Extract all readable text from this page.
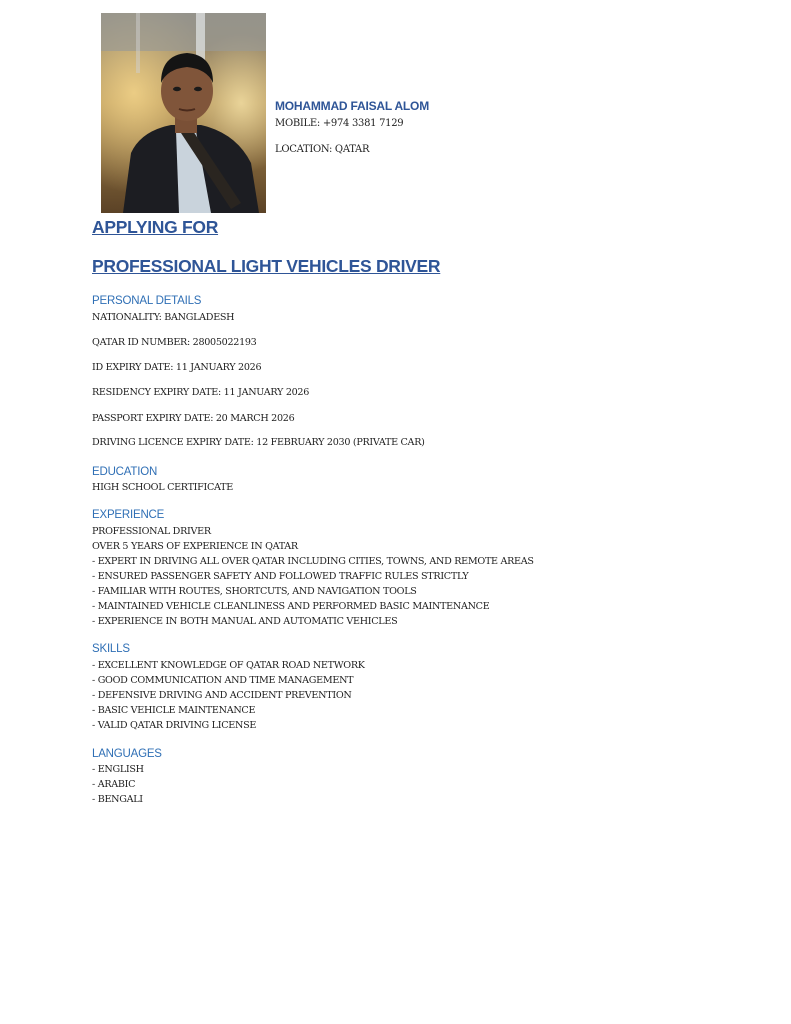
MOHAMMAD FAISAL ALOM

MOBILE: +974 3381 7129

LOCATION: QATAR

APPLYING FOR
PROFESSIONAL LIGHT VEHICLES DRIVER
PERSONAL DETAILS
NATIONALITY: BANGLADESH
QATAR ID NUMBER: 28005022193
ID EXPIRY DATE: 11 JANUARY 2026
RESIDENCY EXPIRY DATE: 11 JANUARY 2026
PASSPORT EXPIRY DATE: 20 MARCH 2026
DRIVING LICENCE EXPIRY DATE: 12 FEBRUARY 2030 (PRIVATE CAR)
EDUCATION
HIGH SCHOOL CERTIFICATE
EXPERIENCE
PROFESSIONAL DRIVER
OVER 5 YEARS OF EXPERIENCE IN QATAR
- EXPERT IN DRIVING ALL OVER QATAR INCLUDING CITIES, TOWNS, AND REMOTE AREAS
- ENSURED PASSENGER SAFETY AND FOLLOWED TRAFFIC RULES STRICTLY
- FAMILIAR WITH ROUTES, SHORTCUTS, AND NAVIGATION TOOLS
- MAINTAINED VEHICLE CLEANLINESS AND PERFORMED BASIC MAINTENANCE
- EXPERIENCE IN BOTH MANUAL AND AUTOMATIC VEHICLES
SKILLS
- EXCELLENT KNOWLEDGE OF QATAR ROAD NETWORK
- GOOD COMMUNICATION AND TIME MANAGEMENT
- DEFENSIVE DRIVING AND ACCIDENT PREVENTION
- BASIC VEHICLE MAINTENANCE
- VALID QATAR DRIVING LICENSE
LANGUAGES
- ENGLISH
- ARABIC
- BENGALI
